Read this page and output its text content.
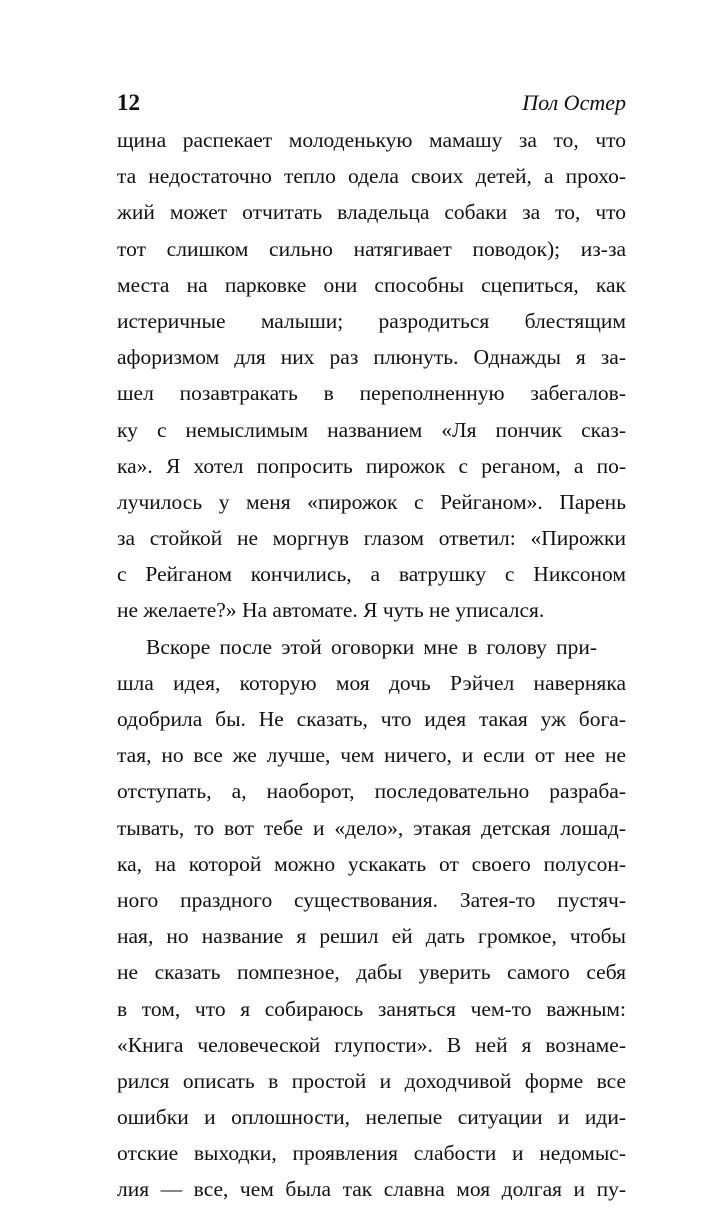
12	Пол Остер
щина распекает молоденькую мамашу за то, что
та недостаточно тепло одела своих детей, а прохо-
жий может отчитать владельца собаки за то, что
тот слишком сильно натягивает поводок); из-за
места на парковке они способны сцепиться, как
истеричные малыши; разродиться блестящим
афоризмом для них раз плюнуть. Однажды я за-
шел позавтракать в переполненную забегалов-
ку с немыслимым названием «Ля пончик сказ-
ка». Я хотел попросить пирожок с реганом, а по-
лучилось у меня «пирожок с Рейганом». Парень
за стойкой не моргнув глазом ответил: «Пирожки
с Рейганом кончились, а ватрушку с Никсоном
не желаете?» На автомате. Я чуть не уписался.
Вскоре после этой оговорки мне в голову при-
шла идея, которую моя дочь Рэйчел наверняка
одобрила бы. Не сказать, что идея такая уж бога-
тая, но все же лучше, чем ничего, и если от нее не
отступать, а, наоборот, последовательно разраба-
тывать, то вот тебе и «дело», этакая детская лошад-
ка, на которой можно ускакать от своего полусон-
ного праздного существования. Затея-то пустяч-
ная, но название я решил ей дать громкое, чтобы
не сказать помпезное, дабы уверить самого себя
в том, что я собираюсь заняться чем-то важным:
«Книга человеческой глупости». В ней я вознаме-
рился описать в простой и доходчивой форме все
ошибки и оплошности, нелепые ситуации и иди-
отские выходки, проявления слабости и недомыс-
лия — все, чем была так славна моя долгая и пу-
